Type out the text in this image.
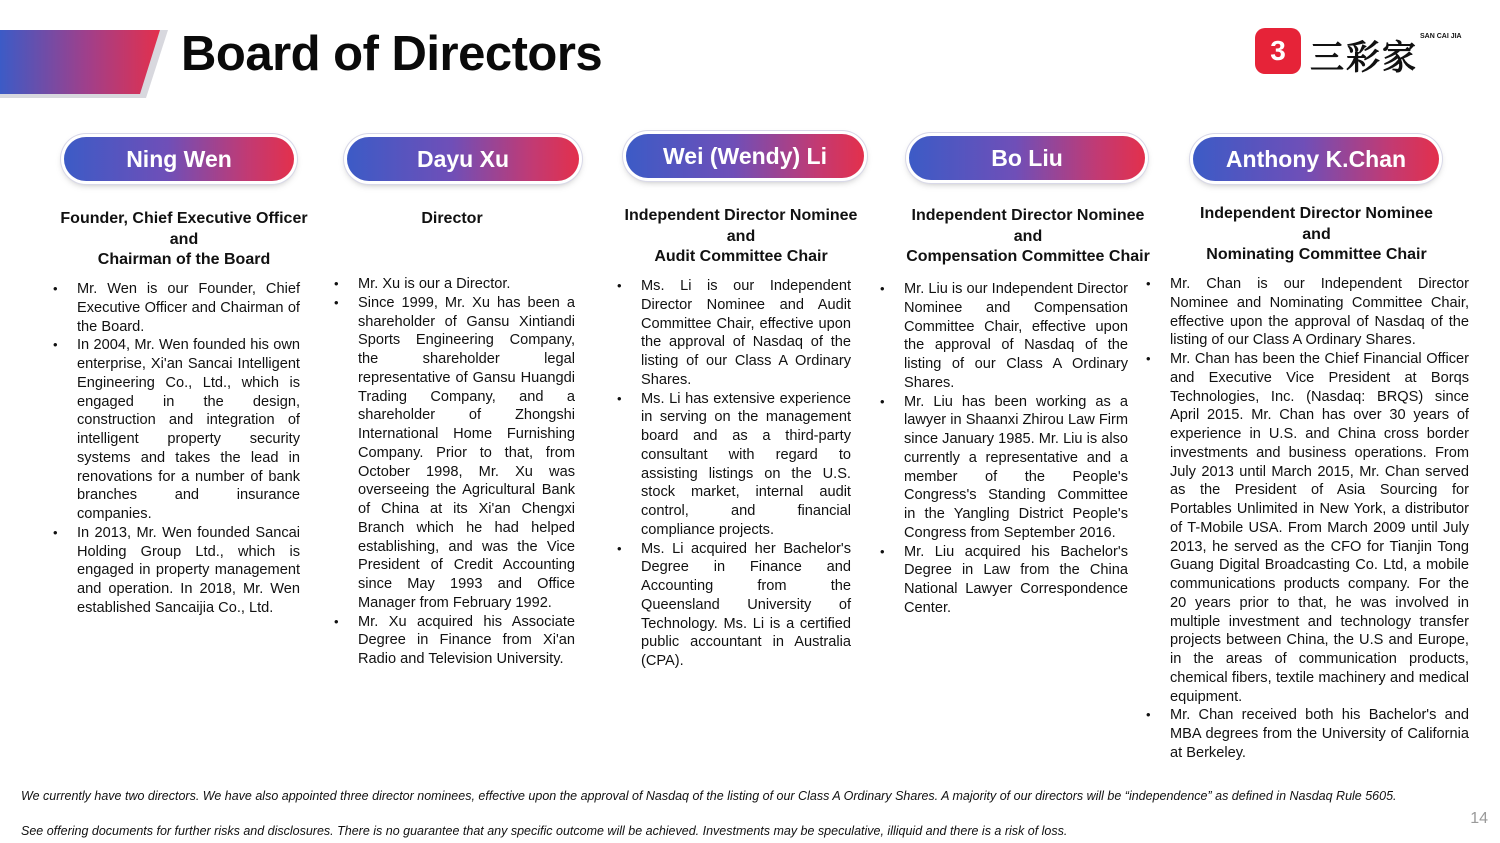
Board of Directors	3 三彩家
SAN CAI JIA
Ning Wen
Founder, Chief Executive Officer
and
Chairman of the Board
• Mr. Wen is our Founder, Chief Executive Officer and Chairman of the Board.
• In 2004, Mr. Wen founded his own enterprise, Xi'an Sancai Intelligent Engineering Co., Ltd., which is engaged in the design, construction and integration of intelligent property security systems and takes the lead in renovations for a number of bank branches and insurance companies.
• In 2013, Mr. Wen founded Sancai Holding Group Ltd., which is engaged in property management and operation. In 2018, Mr. Wen established Sancaijia Co., Ltd.
Dayu Xu
Director
• Mr. Xu is our a Director.
• Since 1999, Mr. Xu has been a shareholder of Gansu Xintiandi Sports Engineering Company, the shareholder legal representative of Gansu Huangdi Trading Company, and a shareholder of Zhongshi International Home Furnishing Company. Prior to that, from October 1998, Mr. Xu was overseeing the Agricultural Bank of China at its Xi'an Chengxi Branch which he had helped establishing, and was the Vice President of Credit Accounting since May 1993 and Office Manager from February 1992.
• Mr. Xu acquired his Associate Degree in Finance from Xi'an Radio and Television University.
Wei (Wendy) Li
Independent Director Nominee
and
Audit Committee Chair
• Ms. Li is our Independent Director Nominee and Audit Committee Chair, effective upon the approval of Nasdaq of the listing of our Class A Ordinary Shares.
• Ms. Li has extensive experience in serving on the management board and as a third-party consultant with regard to assisting listings on the U.S. stock market, internal audit control, and financial compliance projects.
• Ms. Li acquired her Bachelor's Degree in Finance and Accounting from the Queensland University of Technology. Ms. Li is a certified public accountant in Australia (CPA).
Bo Liu
Independent Director Nominee
and
Compensation Committee Chair
• Mr. Liu is our Independent Director Nominee and Compensation Committee Chair, effective upon the approval of Nasdaq of the listing of our Class A Ordinary Shares.
• Mr. Liu has been working as a lawyer in Shaanxi Zhirou Law Firm since January 1985. Mr. Liu is also currently a representative and a member of the People's Congress's Standing Committee in the Yangling District People's Congress from September 2016.
• Mr. Liu acquired his Bachelor's Degree in Law from the China National Lawyer Correspondence Center.
Anthony K.Chan
Independent Director Nominee
and
Nominating Committee Chair
• Mr. Chan is our Independent Director Nominee and Nominating Committee Chair, effective upon the approval of Nasdaq of the listing of our Class A Ordinary Shares.
• Mr. Chan has been the Chief Financial Officer and Executive Vice President at Borqs Technologies, Inc. (Nasdaq: BRQS) since April 2015. Mr. Chan has over 30 years of experience in U.S. and China cross border investments and business operations. From July 2013 until March 2015, Mr. Chan served as the President of Asia Sourcing for Portables Unlimited in New York, a distributor of T-Mobile USA. From March 2009 until July 2013, he served as the CFO for Tianjin Tong Guang Digital Broadcasting Co. Ltd, a mobile communications products company. For the 20 years prior to that, he was involved in multiple investment and technology transfer projects between China, the U.S and Europe, in the areas of communication products, chemical fibers, textile machinery and medical equipment.
• Mr. Chan received both his Bachelor's and MBA degrees from the University of California at Berkeley.
We currently have two directors. We have also appointed three director nominees, effective upon the approval of Nasdaq of the listing of our Class A Ordinary Shares. A majority of our directors will be “independence” as defined in Nasdaq Rule 5605.
See offering documents for further risks and disclosures. There is no guarantee that any specific outcome will be achieved. Investments may be speculative, illiquid and there is a risk of loss.
14
